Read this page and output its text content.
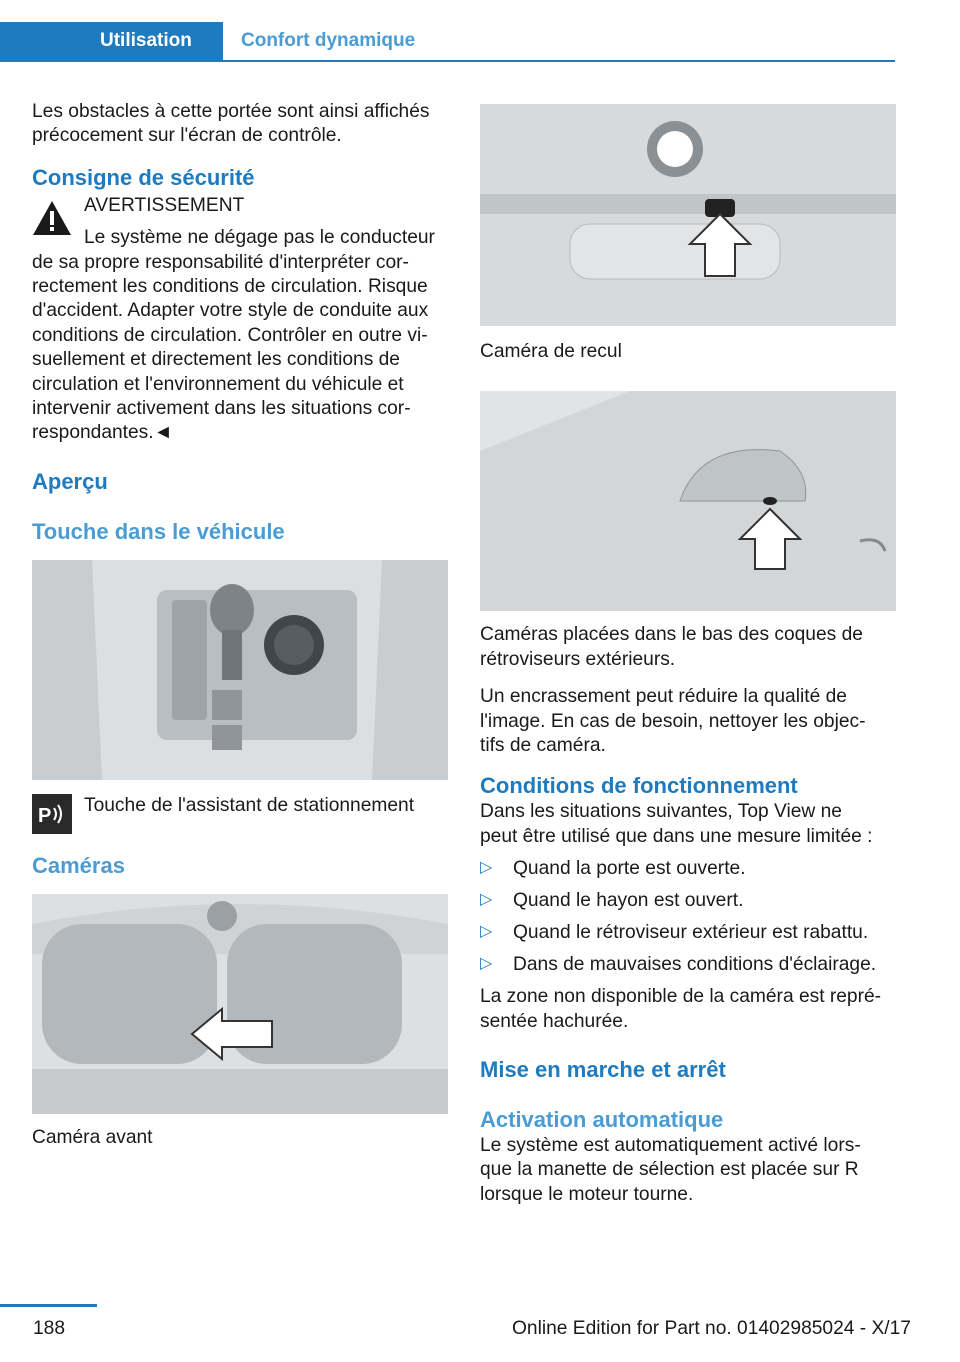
Utilisation	Confort dynamique

Les obstacles à cette portée sont ainsi affichés

précocement sur l'écran de contrôle.

Consigne de sécurité

AVERTISSEMENT

Le système ne dégage pas le conducteur

de sa propre responsabilité d'interpréter cor-

rectement les conditions de circulation. Risque

d'accident. Adapter votre style de conduite aux

conditions de circulation. Contrôler en outre vi-

suellement et directement les conditions de

circulation et l'environnement du véhicule et

intervenir activement dans les situations cor-

respondantes.◄

Aperçu
Touche dans le véhicule
P Touche de l'assistant de stationnement

Caméras

Caméra avant

Caméra de recul

Caméras placées dans le bas des coques de

rétroviseurs extérieurs.

Un encrassement peut réduire la qualité de

l'image. En cas de besoin, nettoyer les objec-

tifs de caméra.

Conditions de fonctionnement

Dans les situations suivantes, Top View ne

peut être utilisé que dans une mesure limitée :

▷ Quand la porte est ouverte.

▷ Quand le hayon est ouvert.

▷ Quand le rétroviseur extérieur est rabattu.

▷ Dans de mauvaises conditions d'éclairage.

La zone non disponible de la caméra est repré-

sentée hachurée.

Mise en marche et arrêt
Activation automatique

Le système est automatiquement activé lors-

que la manette de sélection est placée sur R

lorsque le moteur tourne.

188	Online Edition for Part no. 01402985024 - X/17
